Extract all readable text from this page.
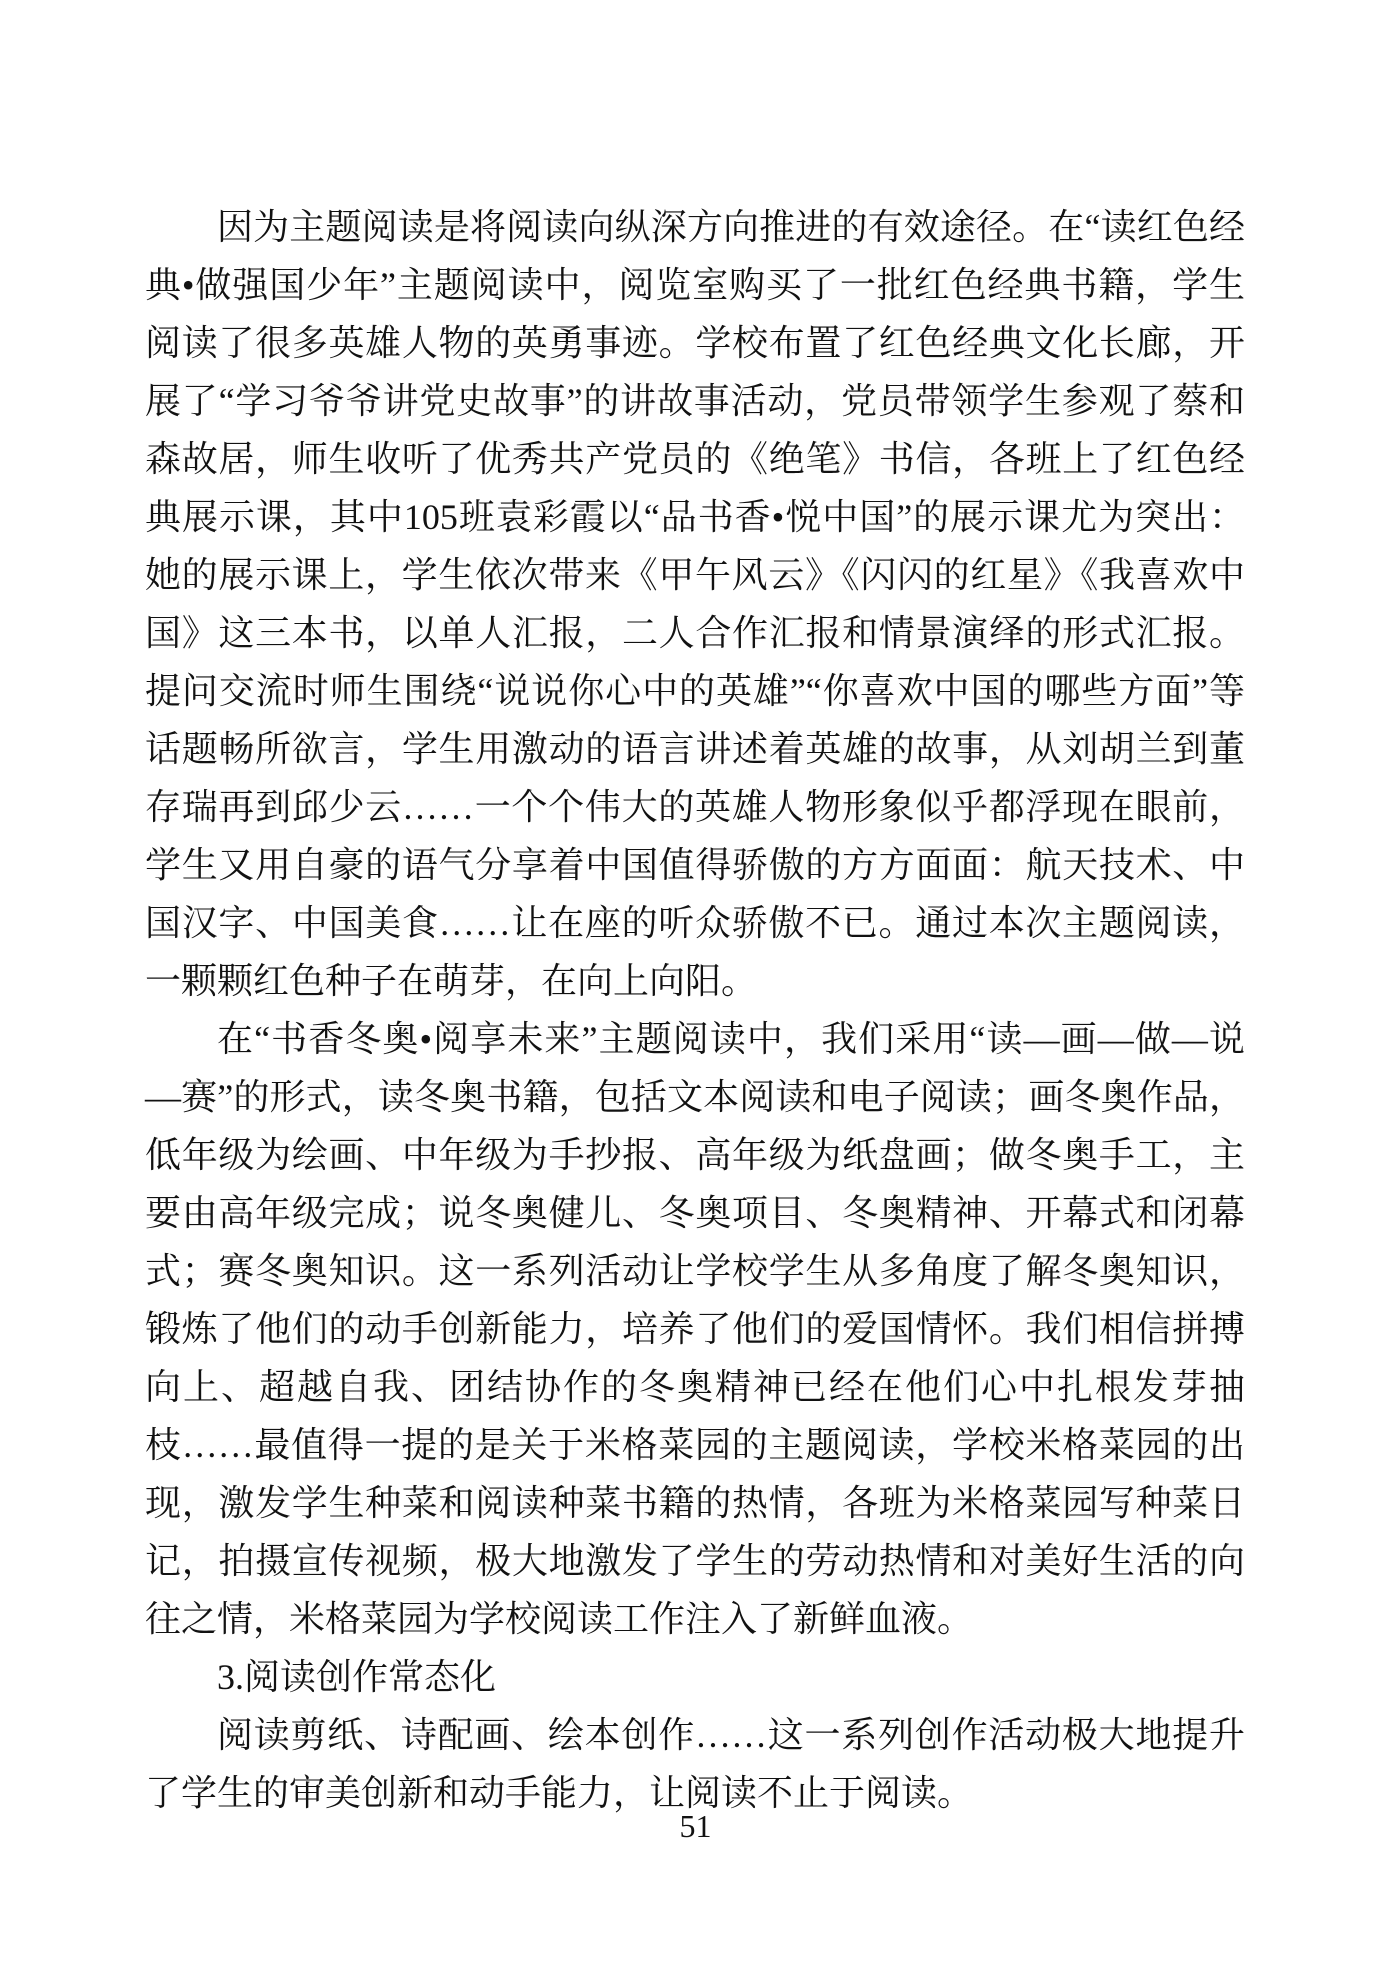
因为主题阅读是将阅读向纵深方向推进的有效途径。在“读红色经典•做强国少年”主题阅读中，阅览室购买了一批红色经典书籍，学生阅读了很多英雄人物的英勇事迹。学校布置了红色经典文化长廊，开展了“学习爷爷讲党史故事”的讲故事活动，党员带领学生参观了蔡和森故居，师生收听了优秀共产党员的《绝笔》书信，各班上了红色经典展示课，其中105班袁彩霞以“品书香•悦中国”的展示课尤为突出：她的展示课上，学生依次带来《甲午风云》《闪闪的红星》《我喜欢中国》这三本书，以单人汇报，二人合作汇报和情景演绎的形式汇报。提问交流时师生围绕“说说你心中的英雄”“你喜欢中国的哪些方面”等话题畅所欲言，学生用激动的语言讲述着英雄的故事，从刘胡兰到董存瑞再到邱少云……一个个伟大的英雄人物形象似乎都浮现在眼前，学生又用自豪的语气分享着中国值得骄傲的方方面面：航天技术、中国汉字、中国美食……让在座的听众骄傲不已。通过本次主题阅读，一颗颗红色种子在萌芽，在向上向阳。

在“书香冬奥•阅享未来”主题阅读中，我们采用“读—画—做—说—赛”的形式，读冬奥书籍，包括文本阅读和电子阅读；画冬奥作品，低年级为绘画、中年级为手抄报、高年级为纸盘画；做冬奥手工，主要由高年级完成；说冬奥健儿、冬奥项目、冬奥精神、开幕式和闭幕式；赛冬奥知识。这一系列活动让学校学生从多角度了解冬奥知识，锻炼了他们的动手创新能力，培养了他们的爱国情怀。我们相信拼搏向上、超越自我、团结协作的冬奥精神已经在他们心中扎根发芽抽枝……最值得一提的是关于米格菜园的主题阅读，学校米格菜园的出现，激发学生种菜和阅读种菜书籍的热情，各班为米格菜园写种菜日记，拍摄宣传视频，极大地激发了学生的劳动热情和对美好生活的向往之情，米格菜园为学校阅读工作注入了新鲜血液。

3.阅读创作常态化

阅读剪纸、诗配画、绘本创作……这一系列创作活动极大地提升了学生的审美创新和动手能力，让阅读不止于阅读。

51
